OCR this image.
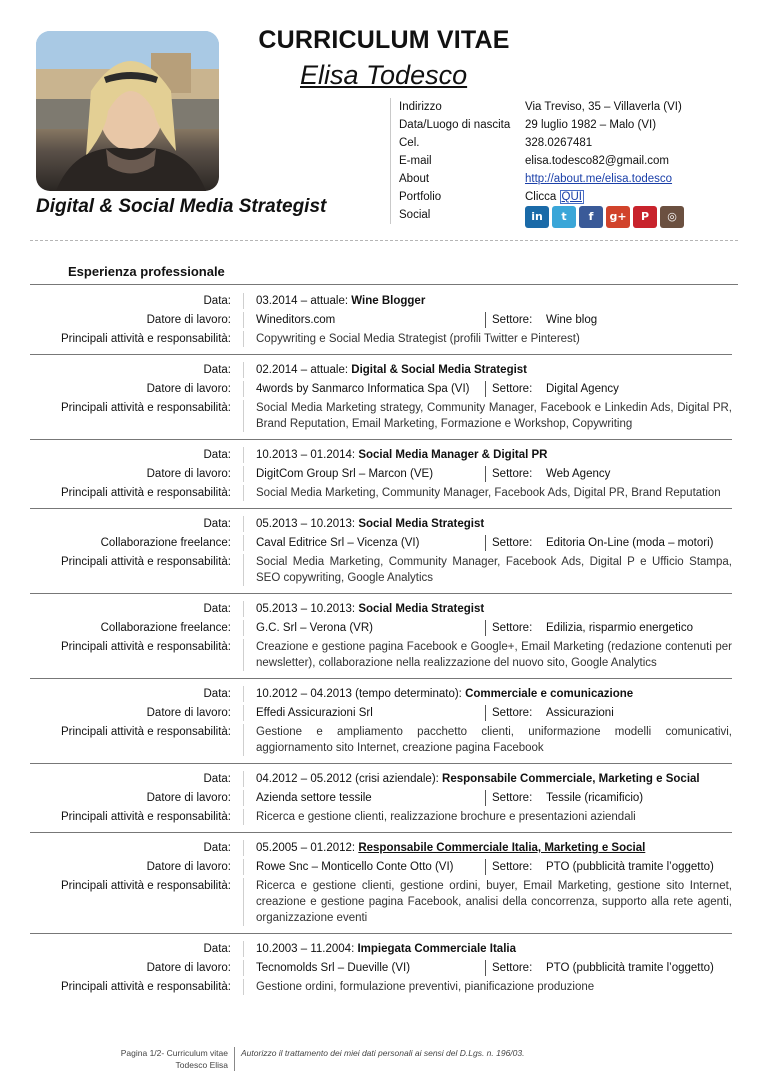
CURRICULUM VITAE
Elisa Todesco
Digital & Social Media Strategist
Indirizzo	Via Treviso, 35 – Villaverla (VI)
Data/Luogo di nascita	29 luglio 1982 – Malo (VI)
Cel.	328.0267481
E-mail	elisa.todesco82@gmail.com
About	http://about.me/elisa.todesco
Portfolio	Clicca QUI
Social	in	t	f	g+	P	◎
Esperienza professionale
Data:	03.2014 – attuale: Wine Blogger
Datore di lavoro:	Wineditors.com	Settore: Wine blog
Principali attività e responsabilità:	Copywriting e Social Media Strategist (profili Twitter e Pinterest)
Data:	02.2014 – attuale: Digital & Social Media Strategist
Datore di lavoro:	4words by Sanmarco Informatica Spa (VI)	Settore: Digital Agency
Principali attività e responsabilità:	Social Media Marketing strategy, Community Manager, Facebook e Linkedin Ads, Digital PR, Brand Reputation, Email Marketing, Formazione e Workshop, Copywriting
Data:	10.2013 – 01.2014: Social Media Manager & Digital PR
Datore di lavoro:	DigitCom Group Srl – Marcon (VE)	Settore: Web Agency
Principali attività e responsabilità:	Social Media Marketing, Community Manager, Facebook Ads, Digital PR, Brand Reputation
Data:	05.2013 – 10.2013: Social Media Strategist
Collaborazione freelance:	Caval Editrice Srl – Vicenza (VI)	Settore: Editoria On-Line (moda – motori)
Principali attività e responsabilità:	Social Media Marketing, Community Manager, Facebook Ads, Digital P e Ufficio Stampa, SEO copywriting, Google Analytics
Data:	05.2013 – 10.2013: Social Media Strategist
Collaborazione freelance:	G.C. Srl – Verona (VR)	Settore: Edilizia, risparmio energetico
Principali attività e responsabilità:	Creazione e gestione pagina Facebook e Google+, Email Marketing (redazione contenuti per newsletter), collaborazione nella realizzazione del nuovo sito, Google Analytics
Data:	10.2012 – 04.2013 (tempo determinato): Commerciale e comunicazione
Datore di lavoro:	Effedi Assicurazioni Srl	Settore: Assicurazioni
Principali attività e responsabilità:	Gestione e ampliamento pacchetto clienti, uniformazione modelli comunicativi, aggiornamento sito Internet, creazione pagina Facebook
Data:	04.2012 – 05.2012 (crisi aziendale): Responsabile Commerciale, Marketing e Social
Datore di lavoro:	Azienda settore tessile	Settore: Tessile (ricamificio)
Principali attività e responsabilità:	Ricerca e gestione clienti, realizzazione brochure e presentazioni aziendali
Data:	05.2005 – 01.2012: Responsabile Commerciale Italia, Marketing e Social
Datore di lavoro:	Rowe Snc – Monticello Conte Otto (VI)	Settore: PTO (pubblicità tramite l’oggetto)
Principali attività e responsabilità:	Ricerca e gestione clienti, gestione ordini, buyer, Email Marketing, gestione sito Internet, creazione e gestione pagina Facebook, analisi della concorrenza, supporto alla rete agenti, organizzazione eventi
Data:	10.2003 – 11.2004: Impiegata Commerciale Italia
Datore di lavoro:	Tecnomolds Srl – Dueville (VI)	Settore: PTO (pubblicità tramite l’oggetto)
Principali attività e responsabilità:	Gestione ordini, formulazione preventivi, pianificazione produzione
Pagina 1/2- Curriculum vitae
Todesco Elisa
Autorizzo il trattamento dei miei dati personali ai sensi del D.Lgs. n. 196/03.
